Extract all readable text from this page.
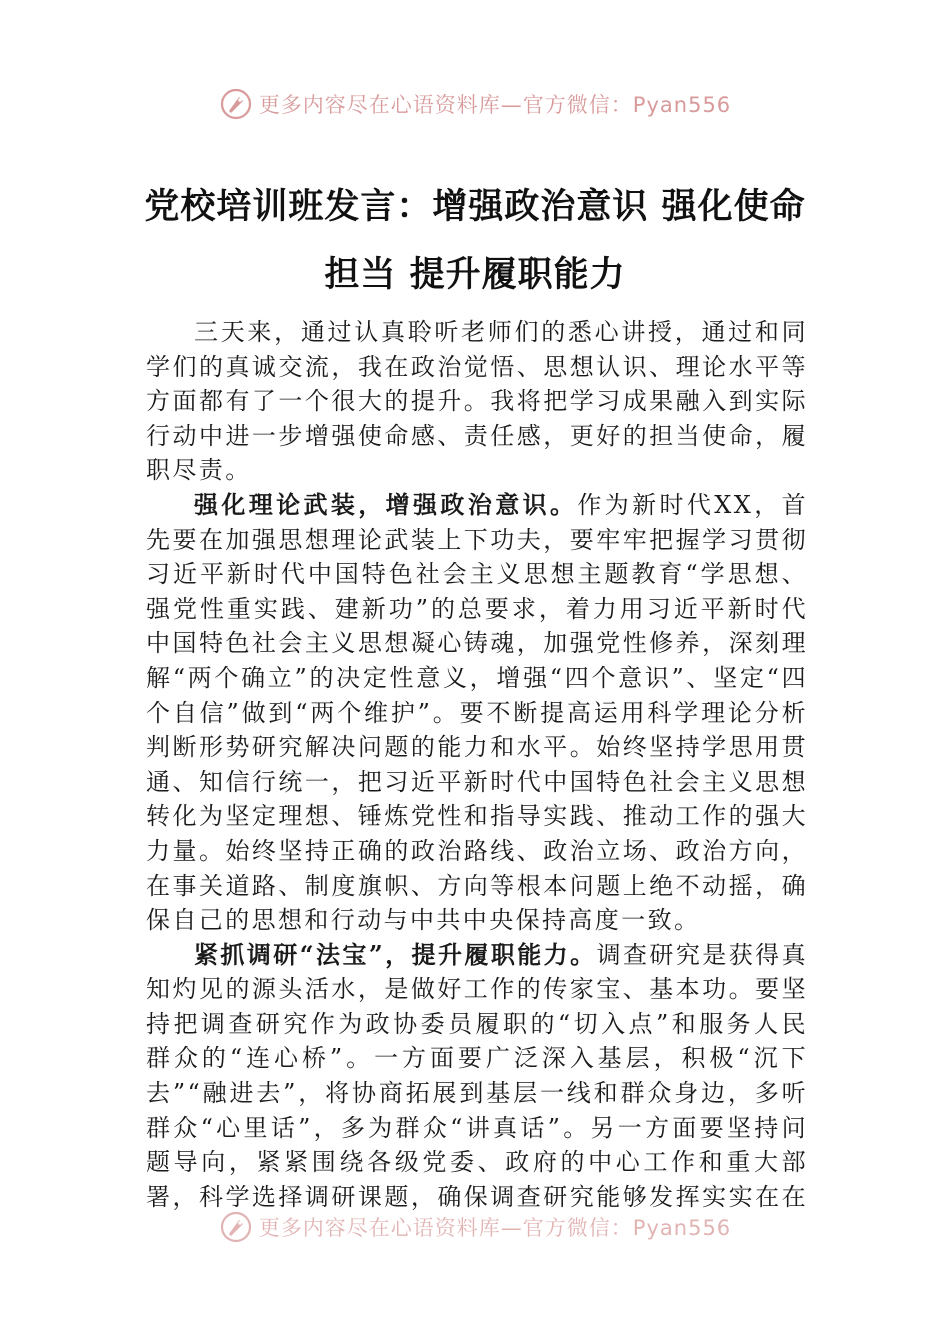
更多内容尽在心语资料库—官方微信：Pyan556
党校培训班发言：增强政治意识 强化使命
担当 提升履职能力

三天来，通过认真聆听老师们的悉心讲授，通过和同学们的真诚交流，我在政治觉悟、思想认识、理论水平等方面都有了一个很大的提升。我将把学习成果融入到实际行动中进一步增强使命感、责任感，更好的担当使命，履职尽责。

强化理论武装，增强政治意识。作为新时代XX，首先要在加强思想理论武装上下功夫，要牢牢把握学习贯彻习近平新时代中国特色社会主义思想主题教育“学思想、强党性重实践、建新功”的总要求，着力用习近平新时代中国特色社会主义思想凝心铸魂，加强党性修养，深刻理解“两个确立”的决定性意义，增强“四个意识”、坚定“四个自信”做到“两个维护”。要不断提高运用科学理论分析判断形势研究解决问题的能力和水平。始终坚持学思用贯通、知信行统一，把习近平新时代中国特色社会主义思想转化为坚定理想、锤炼党性和指导实践、推动工作的强大力量。始终坚持正确的政治路线、政治立场、政治方向，在事关道路、制度旗帜、方向等根本问题上绝不动摇，确保自己的思想和行动与中共中央保持高度一致。

紧抓调研“法宝”，提升履职能力。调查研究是获得真知灼见的源头活水，是做好工作的传家宝、基本功。要坚持把调查研究作为政协委员履职的“切入点”和服务人民群众的“连心桥”。一方面要广泛深入基层，积极“沉下去”“融进去”，将协商拓展到基层一线和群众身边，多听群众“心里话”，多为群众“讲真话”。另一方面要坚持问题导向，紧紧围绕各级党委、政府的中心工作和重大部署，科学选择调研课题，确保调查研究能够发挥实实在在

更多内容尽在心语资料库—官方微信：Pyan556
